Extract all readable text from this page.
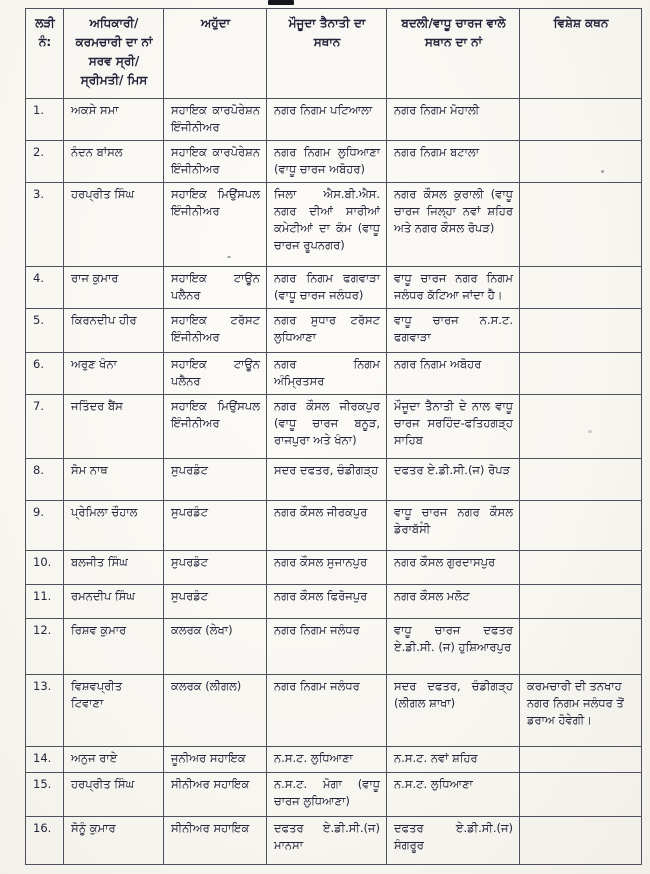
ਲੜੀ ਨੰ:	ਅਧਿਕਾਰੀ/ ਕਰਮਚਾਰੀ ਦਾ ਨਾਂ ਸਰਵ ਸ੍ਰੀ/ ਸ੍ਰੀਮਤੀ/ ਮਿਸ	ਅਹੁੱਦਾ	ਮੌਜੂਦਾ ਤੈਨਾਤੀ ਦਾ ਸਥਾਨ	ਬਦਲੀ/ਵਾਧੂ ਚਾਰਜ ਵਾਲੇ ਸਥਾਨ ਦਾ ਨਾਂ	ਵਿਸ਼ੇਸ਼ ਕਥਨ
1.	ਅਕਸੇ ਸਮਾ	ਸਹਾਇਕ ਕਾਰਪੋਰੇਸ਼ਨ ਇੰਜੀਨੀਅਰ	ਨਗਰ ਨਿਗਮ ਪਟਿਆਲਾ	ਨਗਰ ਨਿਗਮ ਮੋਹਾਲੀ	
2.	ਨੰਦਨ ਬਾਂਸਲ	ਸਹਾਇਕ ਕਾਰਪੋਰੇਸ਼ਨ ਇੰਜੀਨੀਅਰ	ਨਗਰ ਨਿਗਮ ਲੁਧਿਆਣਾ (ਵਾਧੂ ਚਾਰਜ ਅਬੋਹਰ)	ਨਗਰ ਨਿਗਮ ਬਟਾਲਾ	
3.	ਹਰਪ੍ਰੀਤ ਸਿੰਘ	ਸਹਾਇਕ ਮਿਉਂਸਪਲ ਇੰਜੀਨੀਅਰ	ਜਿਲਾ ਐਸ.ਬੀ.ਐਸ. ਨਗਰ ਦੀਆਂ ਸਾਰੀਆਂ ਕਮੇਟੀਆਂ ਦਾ ਕੰਮ (ਵਾਧੂ ਚਾਰਜ ਰੂਪਨਗਰ)	ਨਗਰ ਕੌਸਲ ਕੁਰਾਲੀ (ਵਾਧੂ ਚਾਰਜ ਜਿਲ੍ਹਾ ਨਵਾਂ ਸ਼ਹਿਰ ਅਤੇ ਨਗਰ ਕੌਸਲ ਰੋਪੜ)	
4.	ਰਾਜ ਕੁਮਾਰ	ਸਹਾਇਕ ਟਾਊਨ ਪਲੈਨਰ	ਨਗਰ ਨਿਗਮ ਫਗਵਾੜਾ (ਵਾਧੂ ਚਾਰਜ ਜਲੰਧਰ)	ਵਾਧੂ ਚਾਰਜ ਨਗਰ ਨਿਗਮ ਜਲੰਧਰ ਕੱਟਿਆ ਜਾਂਦਾ ਹੈ।	
5.	ਕਿਰਨਦੀਪ ਹੀਰ	ਸਹਾਇਕ ਟਰੱਸਟ ਇੰਜੀਨੀਅਰ	ਨਗਰ ਸੁਧਾਰ ਟਰੱਸਟ ਲੁਧਿਆਣਾ	ਵਾਧੂ ਚਾਰਜ ਨ.ਸ.ਟ. ਫਗਵਾੜਾ	
6.	ਅਰੁਣ ਖੰਨਾ	ਸਹਾਇਕ ਟਾਊਨ ਪਲੈਨਰ	ਨਗਰ ਨਿਗਮ ਅੰਮ੍ਰਿਤਸਰ	ਨਗਰ ਨਿਗਮ ਅਬੋਹਰ	
7.	ਜਤਿੰਦਰ ਬੈਂਸ	ਸਹਾਇਕ ਮਿਉਂਸਪਲ ਇੰਜੀਨੀਅਰ	ਨਗਰ ਕੌਸਲ ਜੀਰਕਪੁਰ (ਵਾਧੂ ਚਾਰਜ ਬਨੂੜ, ਰਾਜਪੁਰਾ ਅਤੇ ਖੰਨਾ)	ਮੌਜੂਦਾ ਤੈਨਾਤੀ ਦੇ ਨਾਲ ਵਾਧੂ ਚਾਰਜ ਸਰਹਿੰਦ-ਫਤਿਹਗੜ੍ਹ ਸਾਹਿਬ	
8.	ਸੋਮ ਨਾਥ	ਸੁਪਰਡੰਟ	ਸਦਰ ਦਫਤਰ, ਚੰਡੀਗੜ੍ਹ	ਦਫਤਰ ਏ.ਡੀ.ਸੀ.(ਜ) ਰੋਪੜ	
9.	ਪ੍ਰੇਮਿਲਾ ਚੌਹਾਲ	ਸੁਪਰਡੰਟ	ਨਗਰ ਕੌਸਲ ਜੀਰਕਪੁਰ	ਵਾਧੂ ਚਾਰਜ ਨਗਰ ਕੌਸਲ ਡੇਰਾਬੱਸੀ	
10.	ਬਲਜੀਤ ਸਿੰਘ	ਸੁਪਰਡੰਟ	ਨਗਰ ਕੌਸਲ ਸੁਜਾਨਪੁਰ	ਨਗਰ ਕੌਸਲ ਗੁਰਦਾਸਪੁਰ	
11.	ਰਮਨਦੀਪ ਸਿੰਘ	ਸੁਪਰਡੰਟ	ਨਗਰ ਕੌਸਲ ਫਿਰੋਜਪੁਰ	ਨਗਰ ਕੌਸਲ ਮਲੋਟ	
12.	ਰਿਸ਼ਵ ਕੁਮਾਰ	ਕਲਰਕ (ਲੇਖਾ)	ਨਗਰ ਨਿਗਮ ਜਲੰਧਰ	ਵਾਧੂ ਚਾਰਜ ਦਫਤਰ ਏ.ਡੀ.ਸੀ. (ਜ) ਹੁਸ਼ਿਆਰਪੁਰ	
13.	ਵਿਸ਼ਵਪ੍ਰੀਤ ਟਿਵਾਣਾ	ਕਲਰਕ (ਲੀਗਲ)	ਨਗਰ ਨਿਗਮ ਜਲੰਧਰ	ਸਦਰ ਦਫਤਰ, ਚੰਡੀਗੜ੍ਹ (ਲੀਗਲ ਸ਼ਾਖਾ)	ਕਰਮਚਾਰੀ ਦੀ ਤਨਖਾਹ ਨਗਰ ਨਿਗਮ ਜਲੰਧਰ ਤੋਂ ਡਰਾਅ ਹੋਵੇਗੀ।
14.	ਅਨੁਜ ਰਾਏ	ਜੂਨੀਅਰ ਸਹਾਇਕ	ਨ.ਸ.ਟ. ਲੁਧਿਆਣਾ	ਨ.ਸ.ਟ. ਨਵਾਂ ਸ਼ਹਿਰ	
15.	ਹਰਪ੍ਰੀਤ ਸਿੰਘ	ਸੀਨੀਅਰ ਸਹਾਇਕ	ਨ.ਸ.ਟ. ਮੋਗਾ (ਵਾਧੂ ਚਾਰਜ ਲੁਧਿਆਣਾ)	ਨ.ਸ.ਟ. ਲੁਧਿਆਣਾ	
16.	ਸੋਨੂੰ ਕੁਮਾਰ	ਸੀਨੀਅਰ ਸਹਾਇਕ	ਦਫਤਰ ਏ.ਡੀ.ਸੀ.(ਜ) ਮਾਨਸਾ	ਦਫਤਰ ਏ.ਡੀ.ਸੀ.(ਜ) ਸੰਗਰੂਰ	
